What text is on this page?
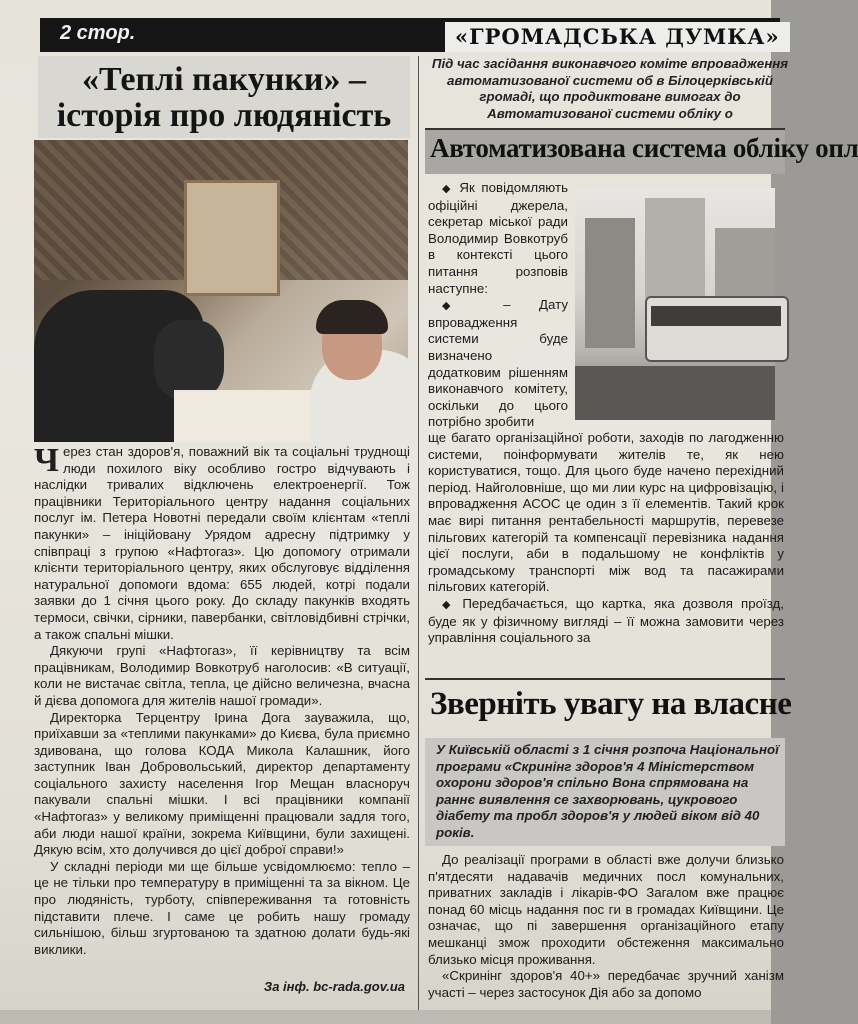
2 стор.	«ГРОМАДСЬКА ДУМКА»
«Теплі пакунки» –
історія про людяність

Через стан здоров'я, поважний вік та соціальні труднощі люди похилого віку особливо гостро відчувають і наслідки тривалих відключень електроенергії. Тож працівники Територіального центру надання соціальних послуг ім. Петера Новотні передали своїм клієнтам «теплі пакунки» – ініційовану Урядом адресну підтримку у співпраці з групою «Нафтогаз». Цю допомогу отримали клієнти територіального центру, яких обслуговує відділення натуральної допомоги вдома: 655 людей, котрі подали заявки до 1 січня цього року. До складу пакунків входять термоси, свічки, сірники, павербанки, світловідбивні стрічки, а також спальні мішки.

Дякуючи групі «Нафтогаз», її керівництву та всім працівникам, Володимир Вовкотруб наголосив: «В ситуації, коли не вистачає світла, тепла, це дійсно величезна, вчасна й дієва допомога для жителів нашої громади».

Директорка Терцентру Ірина Дога зауважила, що, приїхавши за «теплими пакунками» до Києва, була приємно здивована, що голова КОДА Микола Калашник, його заступник Іван Добровольський, директор департаменту соціального захисту населення Ігор Мещан власноруч пакували спальні мішки. І всі працівники компанії «Нафтогаз» у великому приміщенні працювали задля того, аби люди нашої країни, зокрема Київщини, були захищені. Дякую всім, хто долучився до цієї доброї справи!»

У складні періоди ми ще більше усвідомлюємо: тепло – це не тільки про температуру в приміщенні та за вікном. Це про людяність, турботу, співпереживання та готовність підставити плече. І саме це робить нашу громаду сильнішою, більш згуртованою та здатною долати будь-які виклики.

За інф. bc-rada.gov.ua
Під час засідання виконавчого коміте впровадження автоматизованої системи об в Білоцерківській громаді, що продиктоване вимогах до Автоматизованої системи обліку о
Автоматизована система обліку опл

◆ Як повідомляють офіційні джерела, секретар міської ради Володимир Вовкотруб в контексті цього питання розповів наступне:

◆ – Дату впровадження системи буде визначено додатковим рішенням виконавчого комітету, оскільки до цього потрібно зробити

ще багато організаційної роботи, заходів по лагодженню системи, поінформувати жителів те, як нею користуватися, тощо. Для цього буде начено перехідний період. Найголовніше, що ми лии курс на цифровізацію, і впровадження АСОС це один з її елементів. Такий крок має вирі питання рентабельності маршрутів, перевезе пільгових категорій та компенсації перевізника надання цієї послуги, аби в подальшому не конфліктів у громадському транспорті між вод та пасажирами пільгових категорій.

◆ Передбачається, що картка, яка дозволя проїзд, буде як у фізичному вигляді – її можна замовити через управління соціального за

Зверніть увагу на власне
У Київській області з 1 січня розпоча Національної програми «Скринінг здоров'я 4 Міністерством охорони здоров'я спільно Вона спрямована на раннє виявлення се захворювань, цукрового діабету та пробл здоров'я у людей віком від 40 років.

До реалізації програми в області вже долучи близько п'ятдесяти надавачів медичних посл комунальних, приватних закладів і лікарів-ФО Загалом вже працює понад 60 місць надання пос ги в громадах Київщини. Це означає, що пі завершення організаційного етапу мешканці змож проходити обстеження максимально близько місця проживання.

«Скринінг здоров'я 40+» передбачає зручний ханізм участі – через застосунок Дія або за допомо
